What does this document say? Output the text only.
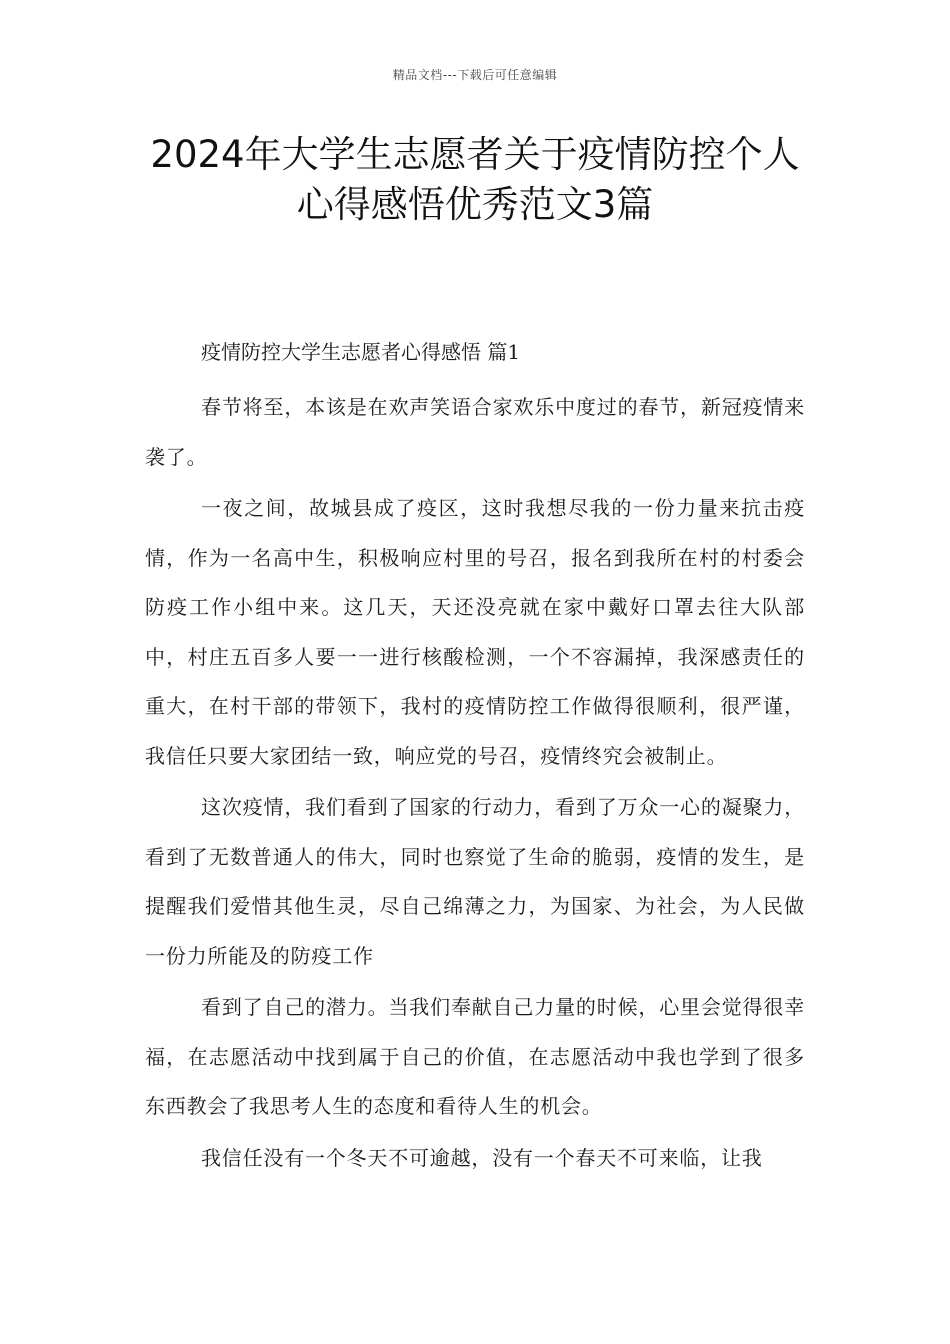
精品文档---下载后可任意编辑
2024年大学生志愿者关于疫情防控个人
心得感悟优秀范文3篇

疫情防控大学生志愿者心得感悟 篇1

春节将至，本该是在欢声笑语合家欢乐中度过的春节，新冠疫情来袭了。

一夜之间，故城县成了疫区，这时我想尽我的一份力量来抗击疫情，作为一名高中生，积极响应村里的号召，报名到我所在村的村委会防疫工作小组中来。这几天，天还没亮就在家中戴好口罩去往大队部中，村庄五百多人要一一进行核酸检测，一个不容漏掉，我深感责任的重大，在村干部的带领下，我村的疫情防控工作做得很顺利，很严谨，我信任只要大家团结一致，响应党的号召，疫情终究会被制止。

这次疫情，我们看到了国家的行动力，看到了万众一心的凝聚力，看到了无数普通人的伟大，同时也察觉了生命的脆弱，疫情的发生，是提醒我们爱惜其他生灵，尽自己绵薄之力，为国家、为社会，为人民做一份力所能及的防疫工作

看到了自己的潜力。当我们奉献自己力量的时候，心里会觉得很幸福，在志愿活动中找到属于自己的价值，在志愿活动中我也学到了很多东西教会了我思考人生的态度和看待人生的机会。

我信任没有一个冬天不可逾越，没有一个春天不可来临，让我
